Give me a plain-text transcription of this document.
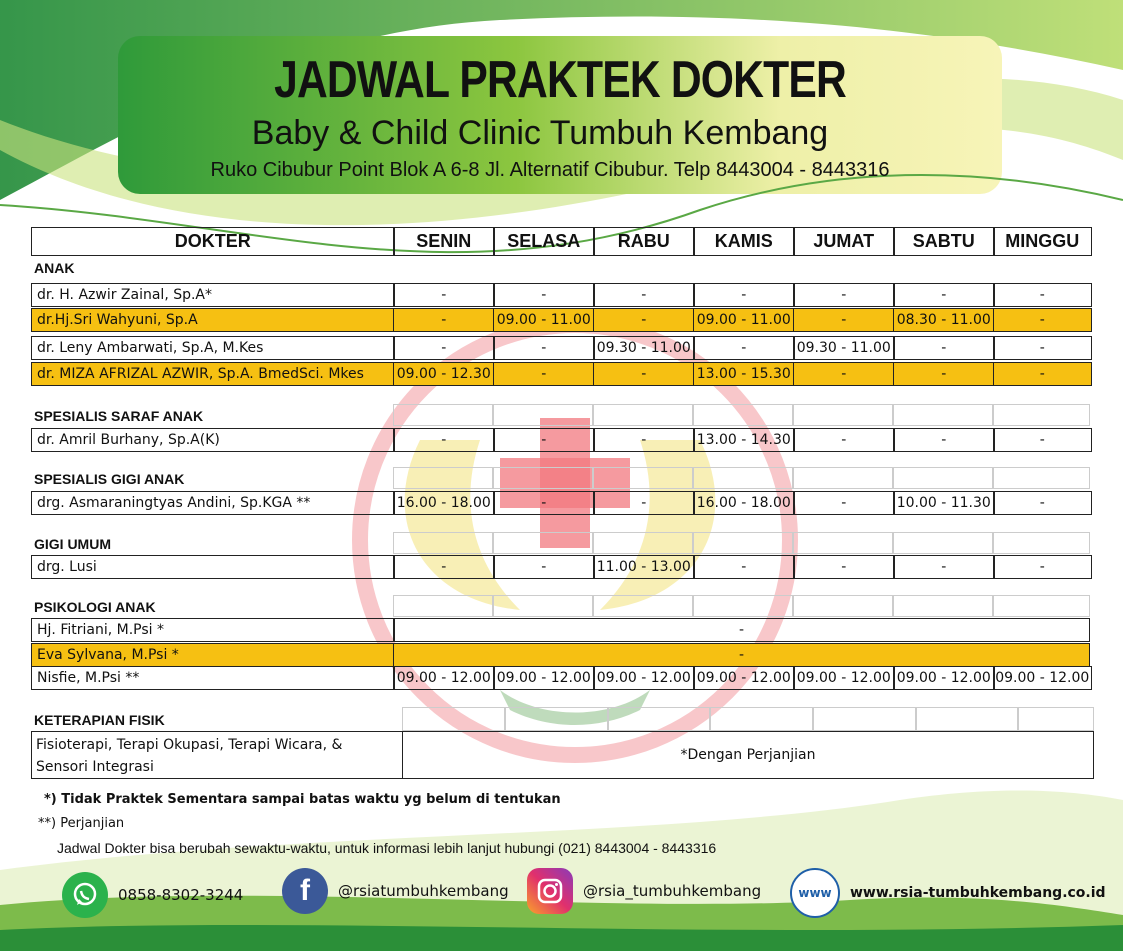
JADWAL PRAKTEK DOKTER
Baby & Child Clinic Tumbuh Kembang
Ruko Cibubur Point Blok A 6-8 Jl. Alternatif Cibubur. Telp 8443004 - 8443316
DOKTER	SENIN	SELASA	RABU	KAMIS	JUMAT	SABTU	MINGGU
ANAK
dr. H. Azwir Zainal, Sp.A*	-	-	-	-	-	-	-
dr.Hj.Sri Wahyuni, Sp.A	-	09.00 - 11.00	-	09.00 - 11.00	-	08.30 - 11.00	-
dr. Leny Ambarwati, Sp.A, M.Kes	-	-	09.30 - 11.00	-	09.30 - 11.00	-	-
dr. MIZA AFRIZAL AZWIR, Sp.A. BmedSci. Mkes	09.00 - 12.30	-	-	13.00 - 15.30	-	-	-
SPESIALIS SARAF ANAK
dr. Amril Burhany, Sp.A(K)	-	-	-	13.00 - 14.30	-	-	-
SPESIALIS GIGI ANAK
drg. Asmaraningtyas Andini, Sp.KGA **	16.00 - 18.00	-	-	16.00 - 18.00	-	10.00 - 11.30	-
GIGI UMUM
drg. Lusi	-	-	11.00 - 13.00	-	-	-	-
PSIKOLOGI ANAK
Hj. Fitriani, M.Psi *	-
Eva Sylvana, M.Psi *	-
Nisfie, M.Psi **	09.00 - 12.00 09.00 - 12.00 09.00 - 12.00 09.00 - 12.00 09.00 - 12.00 09.00 - 12.00 09.00 - 12.00
KETERAPIAN FISIK
Fisioterapi, Terapi Okupasi, Terapi Wicara, &
Sensori Integrasi
*Dengan Perjanjian
*) Tidak Praktek Sementara sampai batas waktu yg belum di tentukan
**) Perjanjian
Jadwal Dokter bisa berubah sewaktu-waktu, untuk informasi lebih lanjut hubungi (021) 8443004 - 8443316
0858-8302-3244	f	@rsiatumbuhkembang	@rsia_tumbuhkembang	www	www.rsia-tumbuhkembang.co.id
